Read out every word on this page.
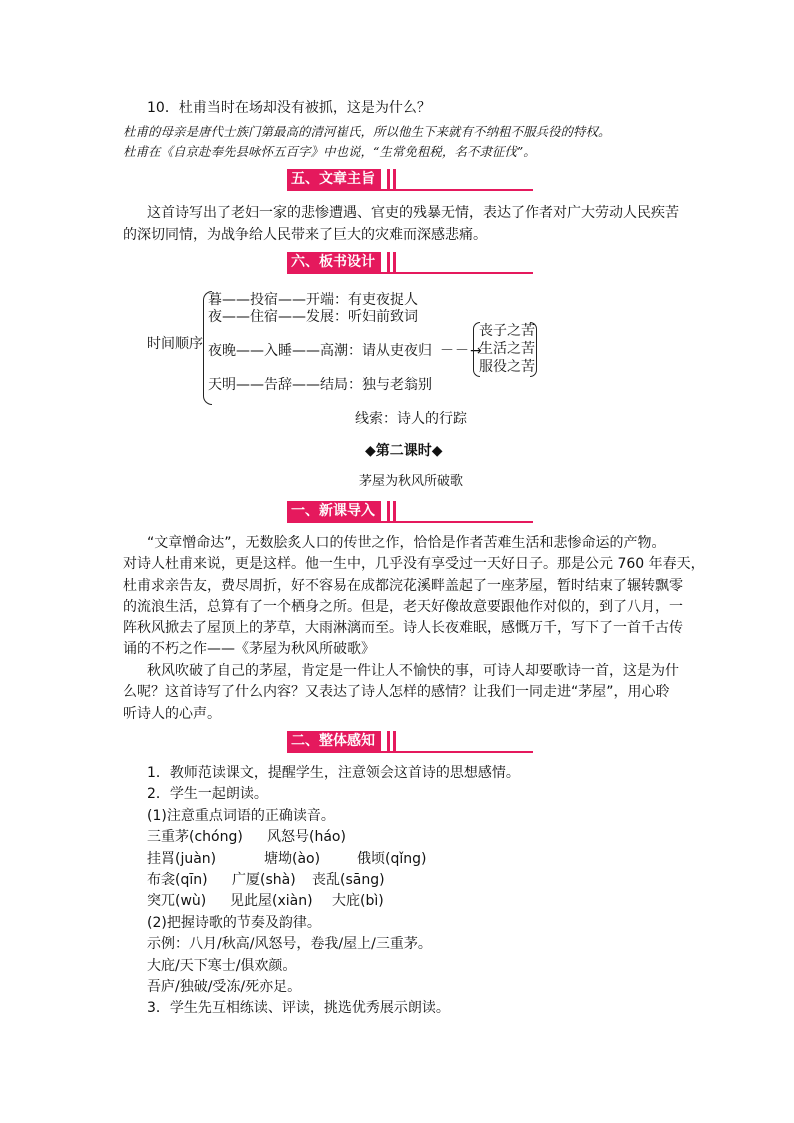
10．杜甫当时在场却没有被抓，这是为什么？
杜甫的母亲是唐代士族门第最高的清河崔氏，所以他生下来就有不纳租不服兵役的特权。
杜甫在《自京赴奉先县咏怀五百字》中也说，“生常免租税，名不隶征伐”。
五、文章主旨
这首诗写出了老妇一家的悲惨遭遇、官吏的残暴无情，表达了作者对广大劳动人民疾苦
的深切同情，为战争给人民带来了巨大的灾难而深感悲痛。
六、板书设计
时间顺序
暮——投宿——开端：有吏夜捉人
夜——住宿——发展：听妇前致词
夜晚——入睡——高潮：请从吏夜归
天明——告辞——结局：独与老翁别
－－→
丧子之苦
生活之苦
服役之苦
线索：诗人的行踪
◆第二课时◆
茅屋为秋风所破歌
一、新课导入
“文章憎命达”，无数脍炙人口的传世之作，恰恰是作者苦难生活和悲惨命运的产物。
对诗人杜甫来说，更是这样。他一生中，几乎没有享受过一天好日子。那是公元 760 年春天，
杜甫求亲告友，费尽周折，好不容易在成都浣花溪畔盖起了一座茅屋，暂时结束了辗转飘零
的流浪生活，总算有了一个栖身之所。但是，老天好像故意要跟他作对似的，到了八月，一
阵秋风掀去了屋顶上的茅草，大雨淋漓而至。诗人长夜难眠，感慨万千，写下了一首千古传
诵的不朽之作——《茅屋为秋风所破歌》
秋风吹破了自己的茅屋，肯定是一件让人不愉快的事，可诗人却要歌诗一首，这是为什
么呢？这首诗写了什么内容？又表达了诗人怎样的感情？让我们一同走进“茅屋”，用心聆
听诗人的心声。
二、整体感知
1．教师范读课文，提醒学生，注意领会这首诗的思想感情。
2．学生一起朗读。
(1)注意重点词语的正确读音。
三重茅(chóng) 风怒号(háo)
挂罥(juàn)	塘坳(ào)	俄顷(qǐng)
布衾(qīn) 广厦(shà) 丧乱(sāng)
突兀(wù) 见此屋(xiàn) 大庇(bì)
(2)把握诗歌的节奏及韵律。
示例：八月/秋高/风怒号，卷我/屋上/三重茅。
大庇/天下寒士/俱欢颜。
吾庐/独破/受冻/死亦足。
3．学生先互相练读、评读，挑选优秀展示朗读。
